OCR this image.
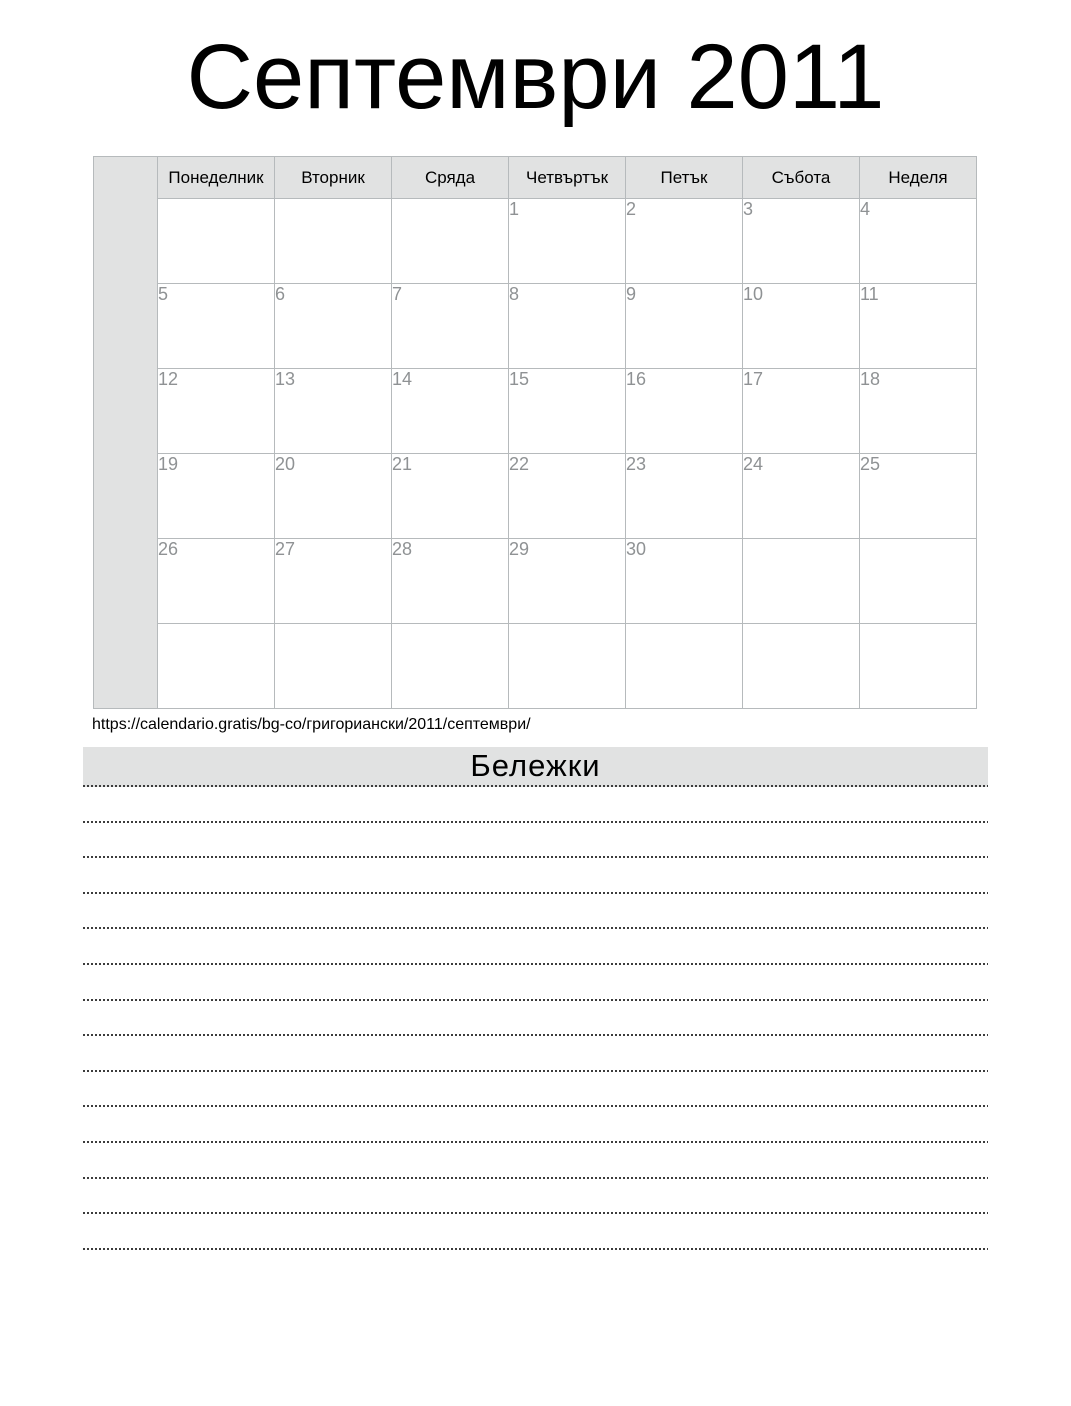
Септември 2011
	Понеделник	Вторник	Сряда	Четвъртък	Петък	Събота	Неделя
				1	2	3	4
	5	6	7	8	9	10	11
	12	13	14	15	16	17	18
	19	20	21	22	23	24	25
	26	27	28	29	30		

https://calendario.gratis/bg-co/григориански/2011/септември/
Бележки
